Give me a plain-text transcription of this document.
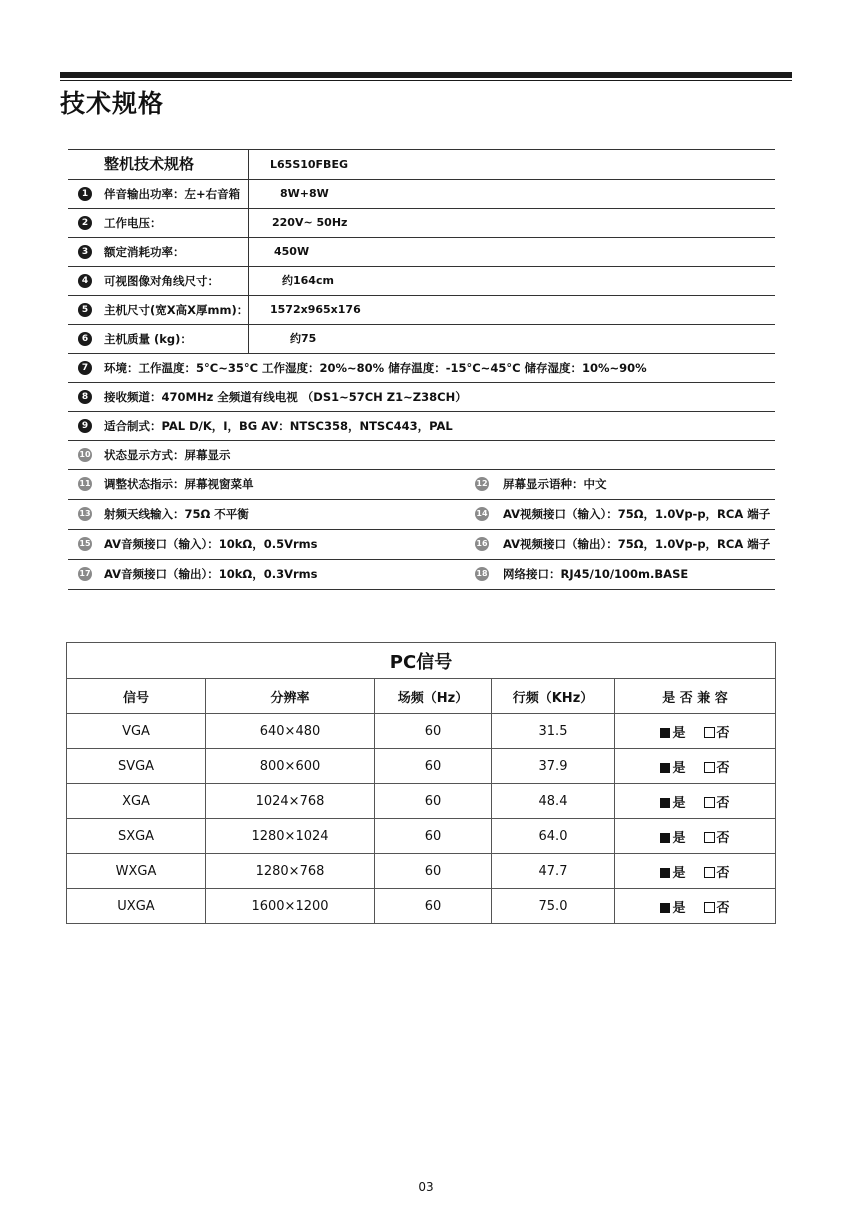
技术规格
整机技术规格	L65S10FBEG
1	伴音输出功率：左+右音箱	8W+8W
2	工作电压：	220V~ 50Hz
3	额定消耗功率：	450W
4	可视图像对角线尺寸：	约164cm
5	主机尺寸(宽X高X厚mm)： 1572x965x176
6	主机质量 (kg)：	约75
7	环境：工作温度：5°C~35°C 工作湿度：20%~80% 储存温度：-15°C~45°C 储存湿度：10%~90%
8	接收频道：470MHz 全频道有线电视 （DS1~57CH Z1~Z38CH）
9	适合制式：PAL D/K，I，BG AV：NTSC358，NTSC443，PAL
10 状态显示方式：屏幕显示
11 调整状态指示：屏幕视窗菜单	12 屏幕显示语种：中文
13 射频天线输入：75Ω 不平衡	14 AV视频接口（输入）：75Ω，1.0Vp-p，RCA 端子
15 AV音频接口（输入）：10kΩ，0.5Vrms	16 AV视频接口（输出）：75Ω，1.0Vp-p，RCA 端子
17 AV音频接口（输出）：10kΩ，0.3Vrms	18 网络接口：RJ45/10/100m.BASE
PC信号				
信号	分辨率	场频（Hz）	行频（KHz）	是 否 兼 容
VGA	640×480	60	31.5	是 否
SVGA	800×600	60	37.9	是 否
XGA	1024×768	60	48.4	是 否
SXGA	1280×1024	60	64.0	是 否
WXGA	1280×768	60	47.7	是 否
UXGA	1600×1200	60	75.0	是 否
03
